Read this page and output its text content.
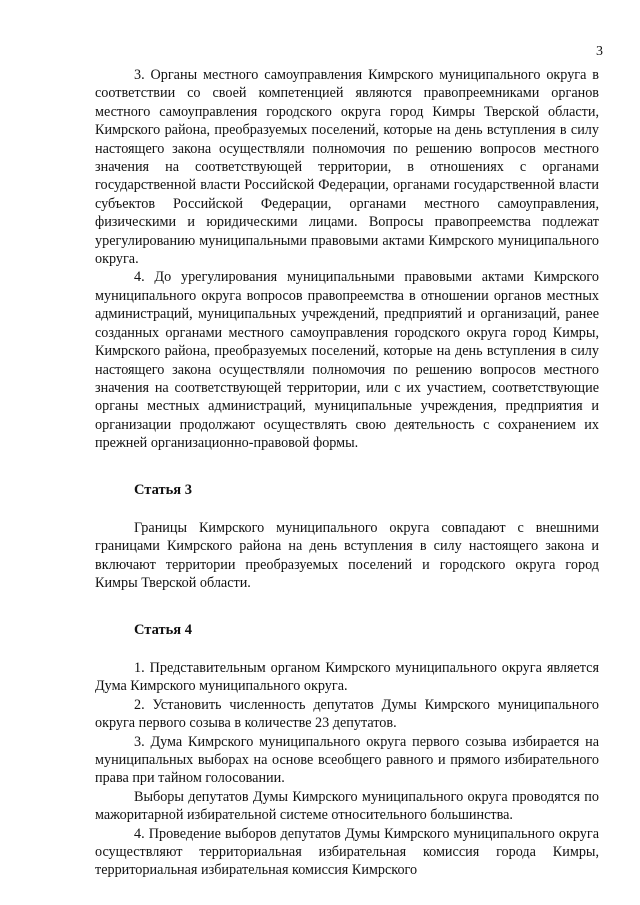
3

3. Органы местного самоуправления Кимрского муниципального округа в соответствии со своей компетенцией являются правопреемниками органов местного самоуправления городского округа город Кимры Тверской области, Кимрского района, преобразуемых поселений, которые на день вступления в силу настоящего закона осуществляли полномочия по решению вопросов местного значения на соответствующей территории, в отношениях с органами государственной власти Российской Федерации, органами государственной власти субъектов Российской Федерации, органами местного самоуправления, физическими и юридическими лицами. Вопросы правопреемства подлежат урегулированию муниципальными правовыми актами Кимрского муниципального округа.

4. До урегулирования муниципальными правовыми актами Кимрского муниципального округа вопросов правопреемства в отношении органов местных администраций, муниципальных учреждений, предприятий и организаций, ранее созданных органами местного самоуправления городского округа город Кимры, Кимрского района, преобразуемых поселений, которые на день вступления в силу настоящего закона осуществляли полномочия по решению вопросов местного значения на соответствующей территории, или с их участием, соответствующие органы местных администраций, муниципальные учреждения, предприятия и организации продолжают осуществлять свою деятельность с сохранением их прежней организационно-правовой формы.

Статья 3

Границы Кимрского муниципального округа совпадают с внешними границами Кимрского района на день вступления в силу настоящего закона и включают территории преобразуемых поселений и городского округа город Кимры Тверской области.

Статья 4

1. Представительным органом Кимрского муниципального округа является Дума Кимрского муниципального округа.

2. Установить численность депутатов Думы Кимрского муниципального округа первого созыва в количестве 23 депутатов.

3. Дума Кимрского муниципального округа первого созыва избирается на муниципальных выборах на основе всеобщего равного и прямого избирательного права при тайном голосовании.

Выборы депутатов Думы Кимрского муниципального округа проводятся по мажоритарной избирательной системе относительного большинства.

4. Проведение выборов депутатов Думы Кимрского муниципального округа осуществляют территориальная избирательная комиссия города Кимры, территориальная избирательная комиссия Кимрского
